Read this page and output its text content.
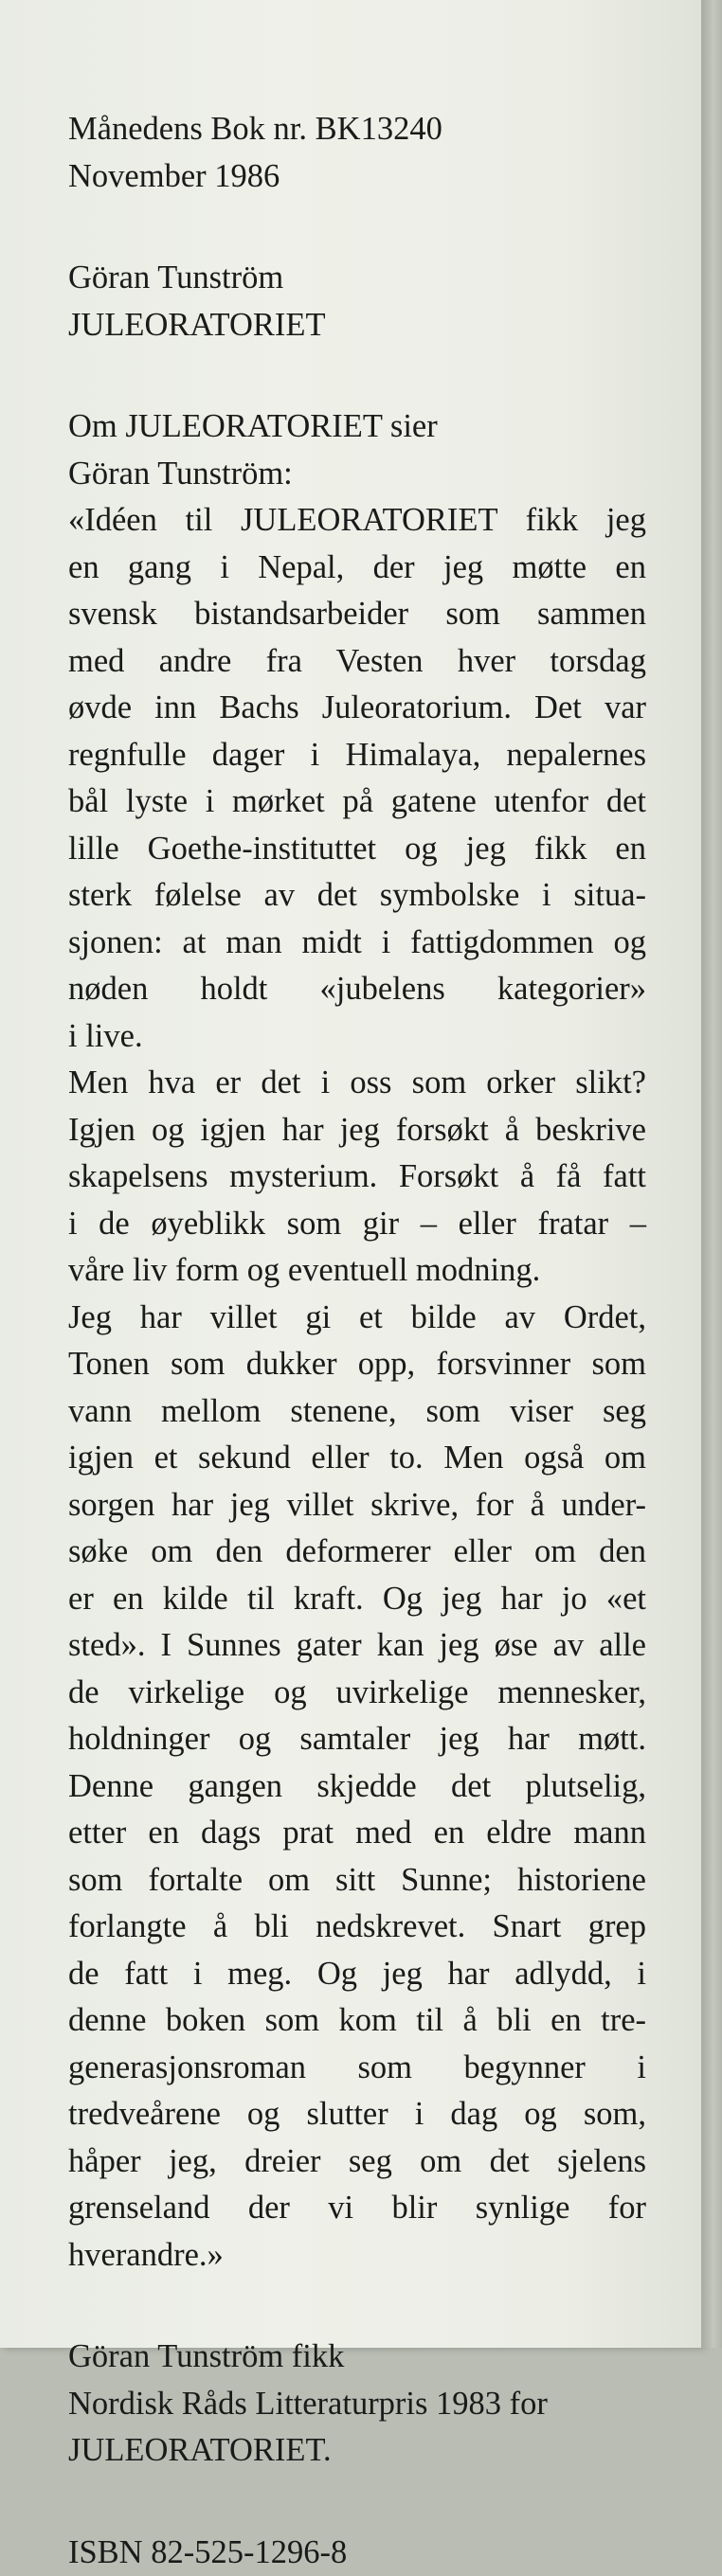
Månedens Bok nr. BK13240
November 1986
Göran Tunström
JULEORATORIET
Om JULEORATORIET sier
Göran Tunström:
«Idéen til JULEORATORIET fikk jeg
en gang i Nepal, der jeg møtte en
svensk bistandsarbeider som sammen
med andre fra Vesten hver torsdag
øvde inn Bachs Juleoratorium. Det var
regnfulle dager i Himalaya, nepalernes
bål lyste i mørket på gatene utenfor det
lille Goethe-instituttet og jeg fikk en
sterk følelse av det symbolske i situa-
sjonen: at man midt i fattigdommen og
nøden holdt «jubelens kategorier»
i live.
Men hva er det i oss som orker slikt?
Igjen og igjen har jeg forsøkt å beskrive
skapelsens mysterium. Forsøkt å få fatt
i de øyeblikk som gir – eller fratar –
våre liv form og eventuell modning.
Jeg har villet gi et bilde av Ordet,
Tonen som dukker opp, forsvinner som
vann mellom stenene, som viser seg
igjen et sekund eller to. Men også om
sorgen har jeg villet skrive, for å under-
søke om den deformerer eller om den
er en kilde til kraft. Og jeg har jo «et
sted». I Sunnes gater kan jeg øse av alle
de virkelige og uvirkelige mennesker,
holdninger og samtaler jeg har møtt.
Denne gangen skjedde det plutselig,
etter en dags prat med en eldre mann
som fortalte om sitt Sunne; historiene
forlangte å bli nedskrevet. Snart grep
de fatt i meg. Og jeg har adlydd, i
denne boken som kom til å bli en tre-
generasjonsroman som begynner i
tredveårene og slutter i dag og som,
håper jeg, dreier seg om det sjelens
grenseland der vi blir synlige for
hverandre.»
Göran Tunström fikk
Nordisk Råds Litteraturpris 1983 for
JULEORATORIET.
ISBN 82-525-1296-8
